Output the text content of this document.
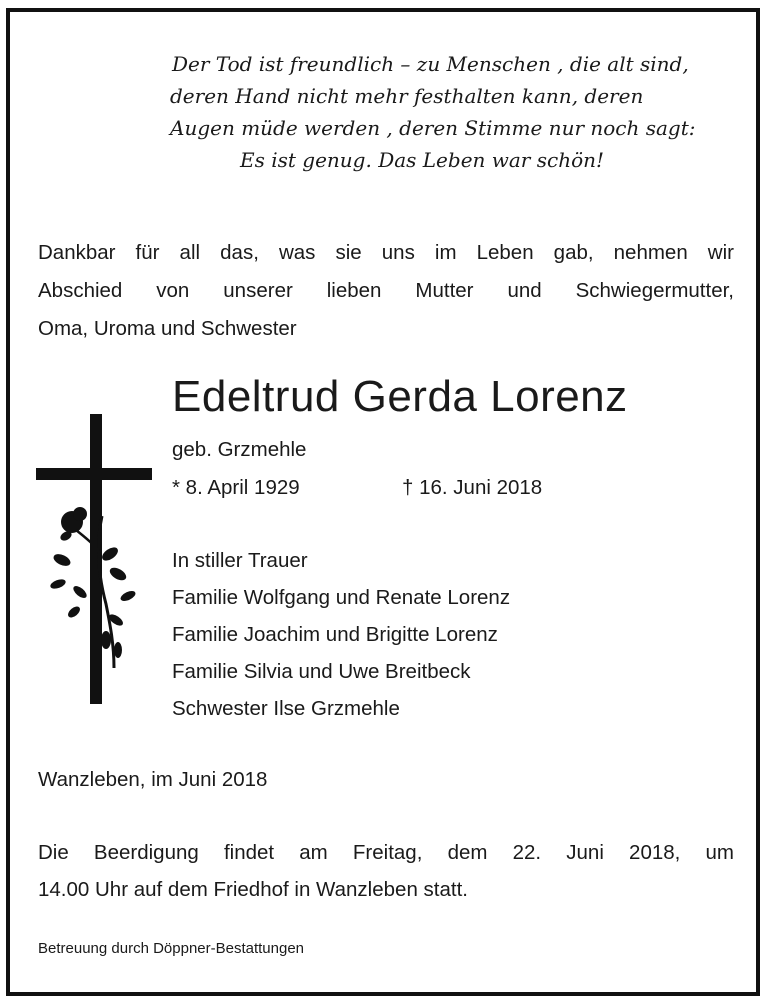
Der Tod ist freundlich – zu Menschen , die alt sind,
deren Hand nicht mehr festhalten kann, deren
Augen müde werden , deren Stimme nur noch sagt:
Es ist genug. Das Leben war schön!
Dankbar für all das, was sie uns im Leben gab, nehmen wir
Abschied von unserer lieben Mutter und Schwiegermutter,
Oma, Uroma und Schwester
Edeltrud Gerda Lorenz
geb. Grzmehle
* 8. April 1929	† 16. Juni 2018
In stiller Trauer
Familie Wolfgang und Renate Lorenz
Familie Joachim und Brigitte Lorenz
Familie Silvia und Uwe Breitbeck
Schwester Ilse Grzmehle
Wanzleben, im Juni 2018
Die Beerdigung findet am Freitag, dem 22. Juni 2018, um
14.00 Uhr auf dem Friedhof in Wanzleben statt.
Betreuung durch Döppner-Bestattungen
